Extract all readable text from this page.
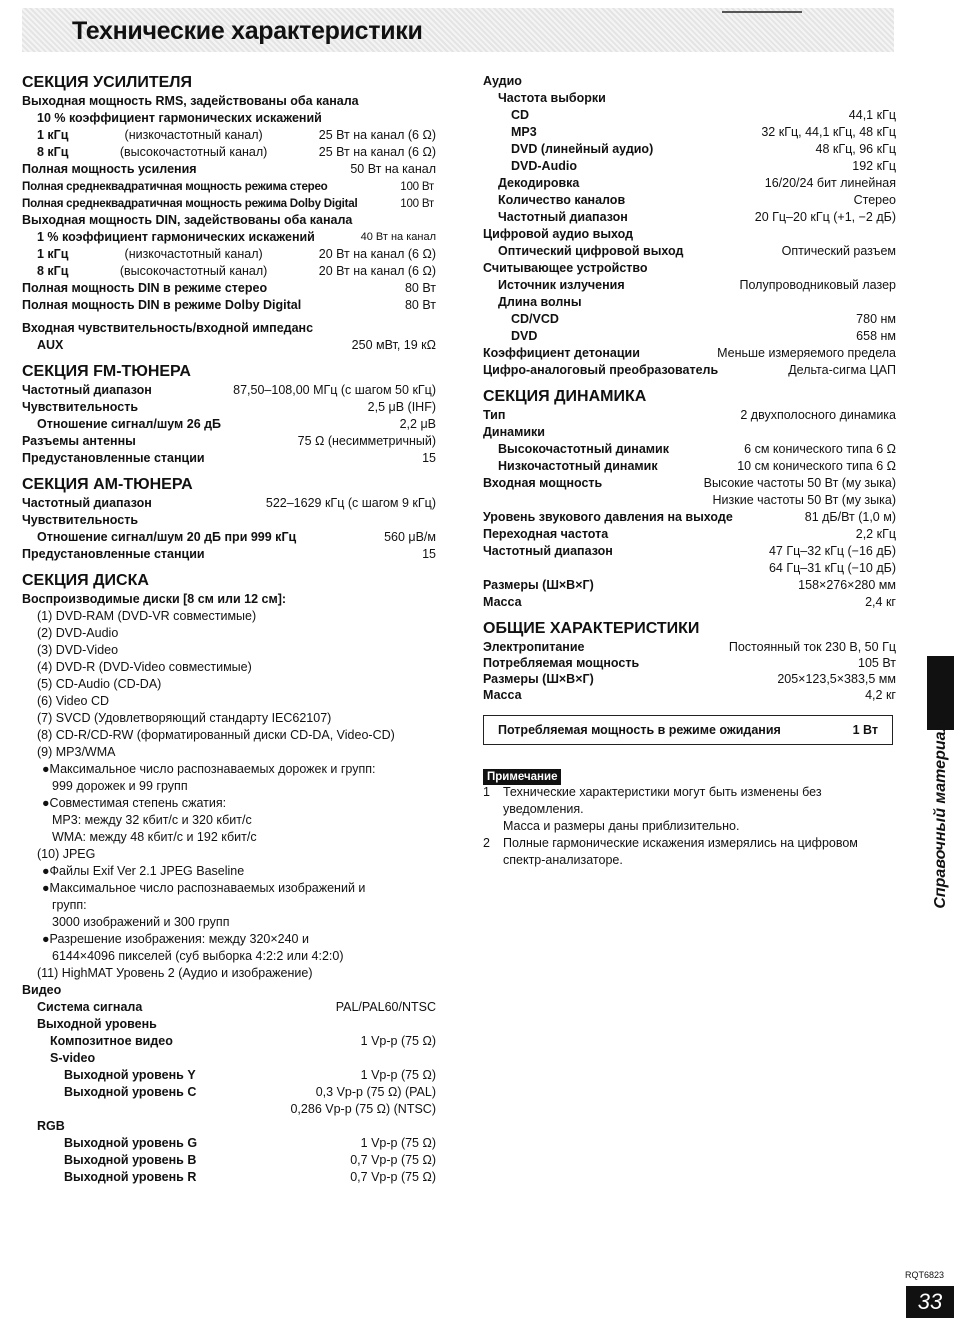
Технические характеристики
СЕКЦИЯ УСИЛИТЕЛЯ
Выходная мощность RMS, задействованы оба канала
10 % коэффициент гармонических искажений
1 кГц	(низкочастотный канал)	25 Вт на канал (6 Ω)
8 кГц	(высокочастотный канал)	25 Вт на канал (6 Ω)
Полная мощность усиления	50 Вт на канал
Полная среднеквадратичная мощность режима стерео	100 Вт
Полная среднеквадратичная мощность режима Dolby Digital	100 Вт
Выходная мощность DIN, задействованы оба канала
1 % коэффициент гармонических искажений	40 Вт на канал
1 кГц	(низкочастотный канал)	20 Вт на канал (6 Ω)
8 кГц	(высокочастотный канал)	20 Вт на канал (6 Ω)
Полная мощность DIN в режиме стерео	80 Вт
Полная мощность DIN в режиме Dolby Digital	80 Вт
Входная чувствительность/входной импеданс
AUX	250 мВт, 19 кΩ
СЕКЦИЯ FM-ТЮНЕРА
Частотный диапазон	87,50–108,00 МГц (с шагом 50 кГц)
Чувствительность	2,5 μВ (IHF)
Отношение сигнал/шум 26 дБ	2,2 μВ
Разъемы антенны	75 Ω (несимметричный)
Предустановленные станции	15
СЕКЦИЯ АМ-ТЮНЕРА
Частотный диапазон	522–1629 кГц (с шагом 9 кГц)
Чувствительность
Отношение сигнал/шум 20 дБ при 999 кГц	560 μВ/м
Предустановленные станции	15
СЕКЦИЯ ДИСКА
Воспроизводимые диски [8 см или 12 см]:
(1) DVD-RAM (DVD-VR совместимые)
(2) DVD-Audio
(3) DVD-Video
(4) DVD-R (DVD-Video совместимые)
(5) CD-Audio (CD-DA)
(6) Video CD
(7) SVCD (Удовлетворяющий стандарту IEC62107)
(8) CD-R/CD-RW (форматированный диски CD-DA, Video-CD)
(9) MP3/WMA
●Максимальное число распознаваемых дорожек и групп:
999 дорожек и 99 групп
●Совместимая степень сжатия:
MP3: между 32 кбит/с и 320 кбит/с
WMA: между 48 кбит/с и 192 кбит/с
(10) JPEG
●Файлы Exif Ver 2.1 JPEG Baseline
●Максимальное число распознаваемых изображений и
групп:
3000 изображений и 300 групп
●Разрешение изображения: между 320×240 и
6144×4096 пикселей (суб выборка 4:2:2 или 4:2:0)
(11) HighMAT Уровень 2 (Аудио и изображение)
Видео
Система сигнала	PAL/PAL60/NTSC
Выходной уровень
Композитное видео	1 Vp-p (75 Ω)
S-video
Выходной уровень Y	1 Vp-p (75 Ω)
Выходной уровень C	0,3 Vp-p (75 Ω) (PAL)
0,286 Vp-p (75 Ω) (NTSC)
RGB
Выходной уровень G	1 Vp-p (75 Ω)
Выходной уровень B	0,7 Vp-p (75 Ω)
Выходной уровень R	0,7 Vp-p (75 Ω)
Аудио
Частота выборки
CD	44,1 кГц
MP3	32 кГц, 44,1 кГц, 48 кГц
DVD (линейный аудио)	48 кГц, 96 кГц
DVD-Audio	192 кГц
Декодировка	16/20/24 бит линейная
Количество каналов	Стерео
Частотный диапазон	20 Гц–20 кГц (+1, −2 дБ)
Цифровой аудио выход
Оптический цифровой выход	Оптический разъем
Считывающее устройство
Источник излучения	Полупроводниковый лазер
Длина волны
CD/VCD	780 нм
DVD	658 нм
Коэффициент детонации	Меньше измеряемого предела
Цифро-аналоговый преобразователь	Дельта-сигма ЦАП
СЕКЦИЯ ДИНАМИКА
Тип	2 двухполосного динамика
Динамики
Высокочастотный динамик	6 см конического типа 6 Ω
Низкочастотный динамик	10 см конического типа 6 Ω
Входная мощность	Высокие частоты 50 Вт (му зыка)
Низкие частоты 50 Вт (му зыка)
Уровень звукового давления на выходе	81 дБ/Вт (1,0 м)
Переходная частота	2,2 кГц
Частотный диапазон	47 Гц–32 кГц (−16 дБ)
64 Гц–31 кГц (−10 дБ)
Размеры (Ш×В×Г)	158×276×280 мм
Масса	2,4 кг
ОБЩИЕ ХАРАКТЕРИСТИКИ
Электропитание	Постоянный ток 230 В, 50 Гц
Потребляемая мощность	105 Вт
Размеры (Ш×В×Г)	205×123,5×383,5 мм
Масса	4,2 кг
Потребляемая мощность в режиме ожидания	1 Вт
Примечание
1	Технические характеристики могут быть изменены без
уведомления.
Масса и размеры даны приблизительно.
2	Полные гармонические искажения измерялись на цифровом
спектр-анализаторе.	Справочный материал
RQT6823
33
